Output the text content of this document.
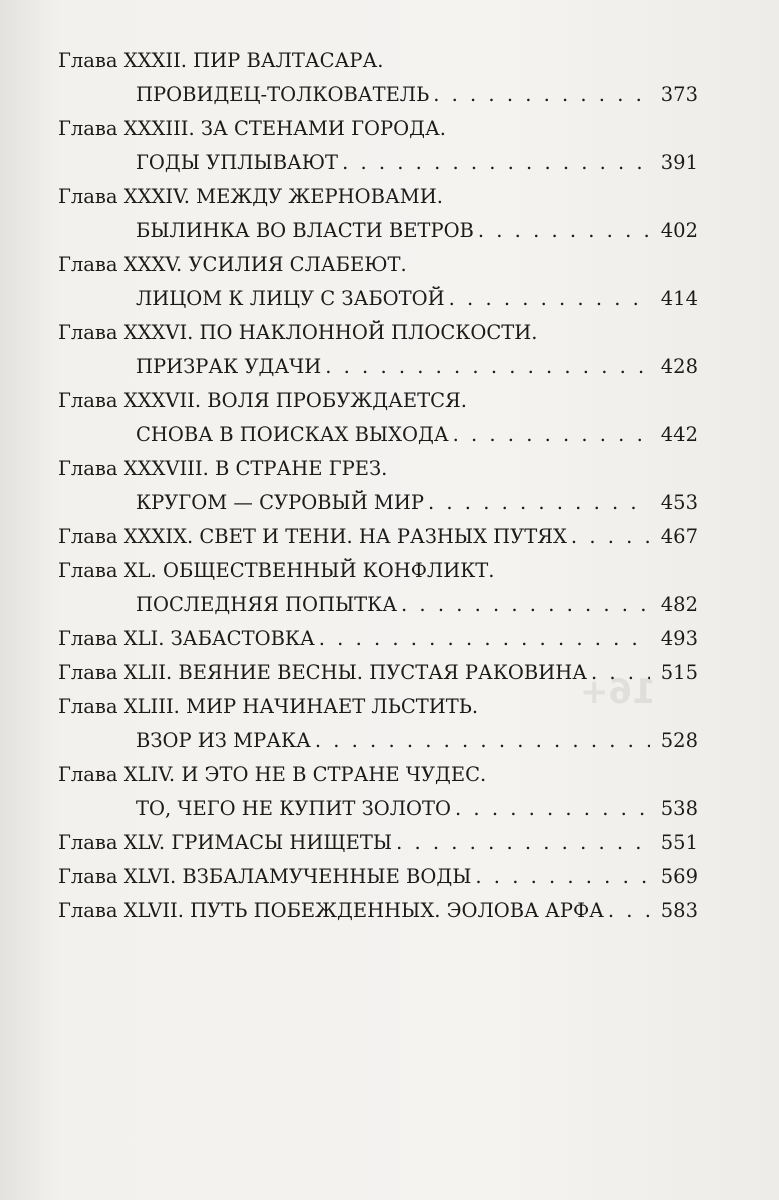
16+
Глава XXXII. ПИР ВАЛТАСАРА.
ПРОВИДЕЦ-ТОЛКОВАТЕЛЬ . . .	373
Глава XXXIII. ЗА СТЕНАМИ ГОРОДА.
ГОДЫ УПЛЫВАЮТ . . .	391
Глава XXXIV. МЕЖДУ ЖЕРНОВАМИ.
БЫЛИНКА ВО ВЛАСТИ ВЕТРОВ . . .	402
Глава XXXV. УСИЛИЯ СЛАБЕЮТ.
ЛИЦОМ К ЛИЦУ С ЗАБОТОЙ . . .	414
Глава XXXVI. ПО НАКЛОННОЙ ПЛОСКОСТИ.
ПРИЗРАК УДАЧИ . . .	428
Глава XXXVII. ВОЛЯ ПРОБУЖДАЕТСЯ.
СНОВА В ПОИСКАХ ВЫХОДА . . .	442
Глава XXXVIII. В СТРАНЕ ГРЕЗ.
КРУГОМ — СУРОВЫЙ МИР . . .	453
Глава XXXIX. СВЕТ И ТЕНИ. НА РАЗНЫХ ПУТЯХ . . .	467
Глава XL. ОБЩЕСТВЕННЫЙ КОНФЛИКТ.
ПОСЛЕДНЯЯ ПОПЫТКА . . .	482
Глава XLI. ЗАБАСТОВКА . . .	493
Глава XLII. ВЕЯНИЕ ВЕСНЫ. ПУСТАЯ РАКОВИНА . . .	515
Глава XLIII. МИР НАЧИНАЕТ ЛЬСТИТЬ.
ВЗОР ИЗ МРАКА . . .	528
Глава XLIV. И ЭТО НЕ В СТРАНЕ ЧУДЕС.
ТО, ЧЕГО НЕ КУПИТ ЗОЛОТО . . .	538
Глава XLV. ГРИМАСЫ НИЩЕТЫ . . .	551
Глава XLVI. ВЗБАЛАМУЧЕННЫЕ ВОДЫ . . .	569
Глава XLVII. ПУТЬ ПОБЕЖДЕННЫХ. ЭОЛОВА АРФА . . .	583
